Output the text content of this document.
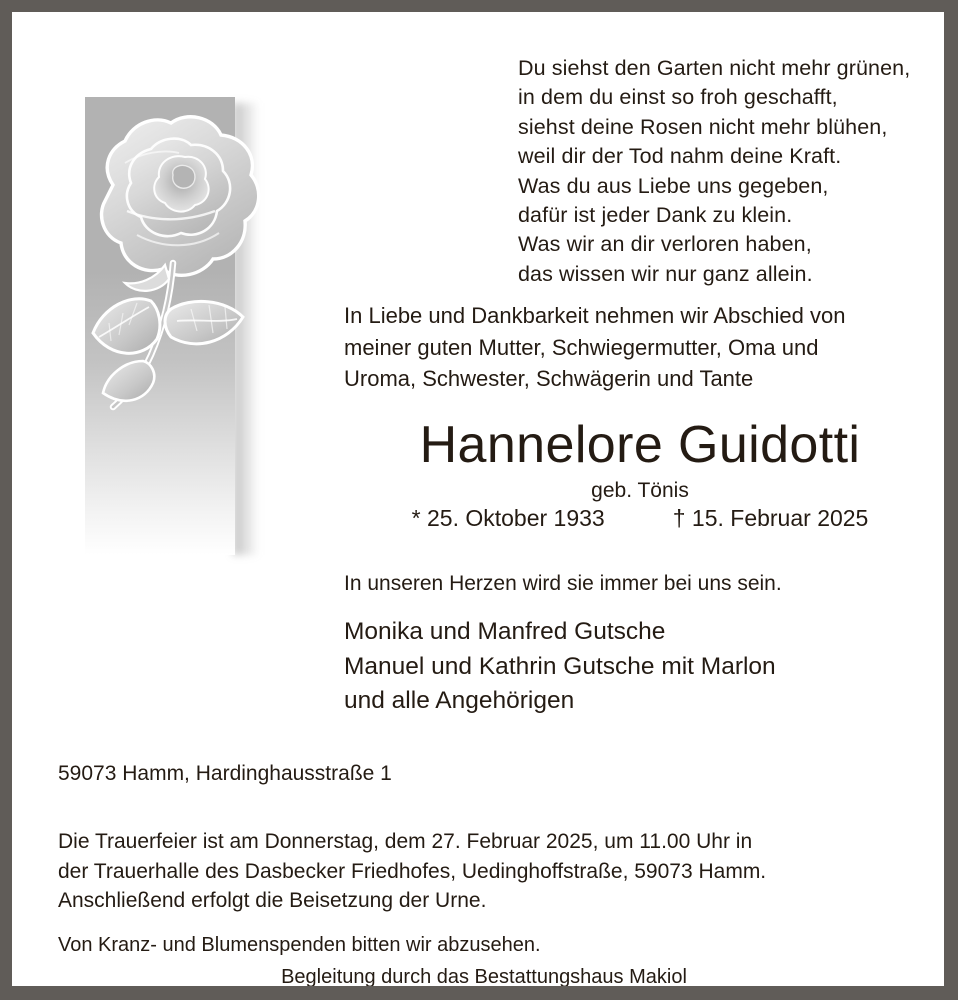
Du siehst den Garten nicht mehr grünen,
in dem du einst so froh geschafft,
siehst deine Rosen nicht mehr blühen,
weil dir der Tod nahm deine Kraft.
Was du aus Liebe uns gegeben,
dafür ist jeder Dank zu klein.
Was wir an dir verloren haben,
das wissen wir nur ganz allein.
In Liebe und Dankbarkeit nehmen wir Abschied von
meiner guten Mutter, Schwiegermutter, Oma und
Uroma, Schwester, Schwägerin und Tante
Hannelore Guidotti
geb. Tönis
* 25. Oktober 1933	† 15. Februar 2025
In unseren Herzen wird sie immer bei uns sein.
Monika und Manfred Gutsche
Manuel und Kathrin Gutsche mit Marlon
und alle Angehörigen
59073 Hamm, Hardinghausstraße 1
Die Trauerfeier ist am Donnerstag, dem 27. Februar 2025, um 11.00 Uhr in
der Trauerhalle des Dasbecker Friedhofes, Uedinghoffstraße, 59073 Hamm.
Anschließend erfolgt die Beisetzung der Urne.
Von Kranz- und Blumenspenden bitten wir abzusehen.
Begleitung durch das Bestattungshaus Makiol
